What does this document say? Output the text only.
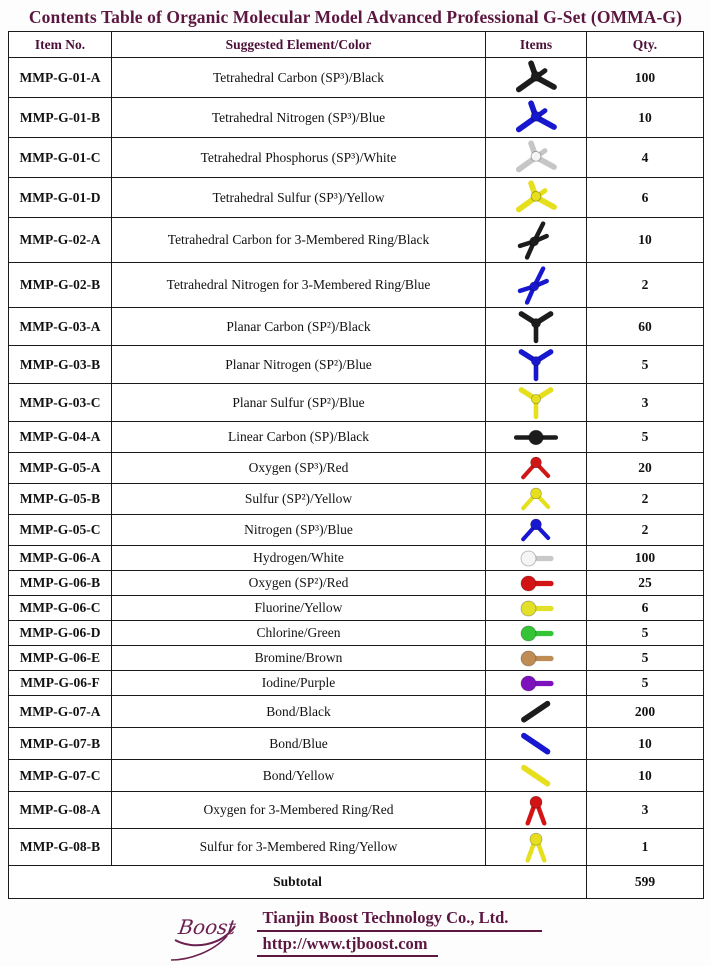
Contents Table of Organic Molecular Model Advanced Professional G-Set (OMMA-G)
Item No.	Suggested Element/Color	Items	Qty.
MMP-G-01-A	Tetrahedral Carbon (SP³)/Black		100
MMP-G-01-B	Tetrahedral Nitrogen (SP³)/Blue		10
MMP-G-01-C	Tetrahedral Phosphorus (SP³)/White		4
MMP-G-01-D	Tetrahedral Sulfur (SP³)/Yellow		6
MMP-G-02-A	Tetrahedral Carbon for 3-Membered Ring/Black		10
MMP-G-02-B	Tetrahedral Nitrogen for 3-Membered Ring/Blue		2
MMP-G-03-A	Planar Carbon (SP²)/Black		60
MMP-G-03-B	Planar Nitrogen (SP²)/Blue		5
MMP-G-03-C	Planar Sulfur (SP²)/Blue		3
MMP-G-04-A	Linear Carbon (SP)/Black		5
MMP-G-05-A	Oxygen (SP³)/Red		20
MMP-G-05-B	Sulfur (SP²)/Yellow		2
MMP-G-05-C	Nitrogen (SP³)/Blue		2
MMP-G-06-A	Hydrogen/White		100
MMP-G-06-B	Oxygen (SP²)/Red		25
MMP-G-06-C	Fluorine/Yellow		6
MMP-G-06-D	Chlorine/Green		5
MMP-G-06-E	Bromine/Brown		5
MMP-G-06-F	Iodine/Purple		5
MMP-G-07-A	Bond/Black		200
MMP-G-07-B	Bond/Blue		10
MMP-G-07-C	Bond/Yellow		10
MMP-G-08-A	Oxygen for 3-Membered Ring/Red		3
MMP-G-08-B	Sulfur for 3-Membered Ring/Yellow		1
Subtotal			599
Boost	Tianjin Boost Technology Co., Ltd.
http://www.tjboost.com
